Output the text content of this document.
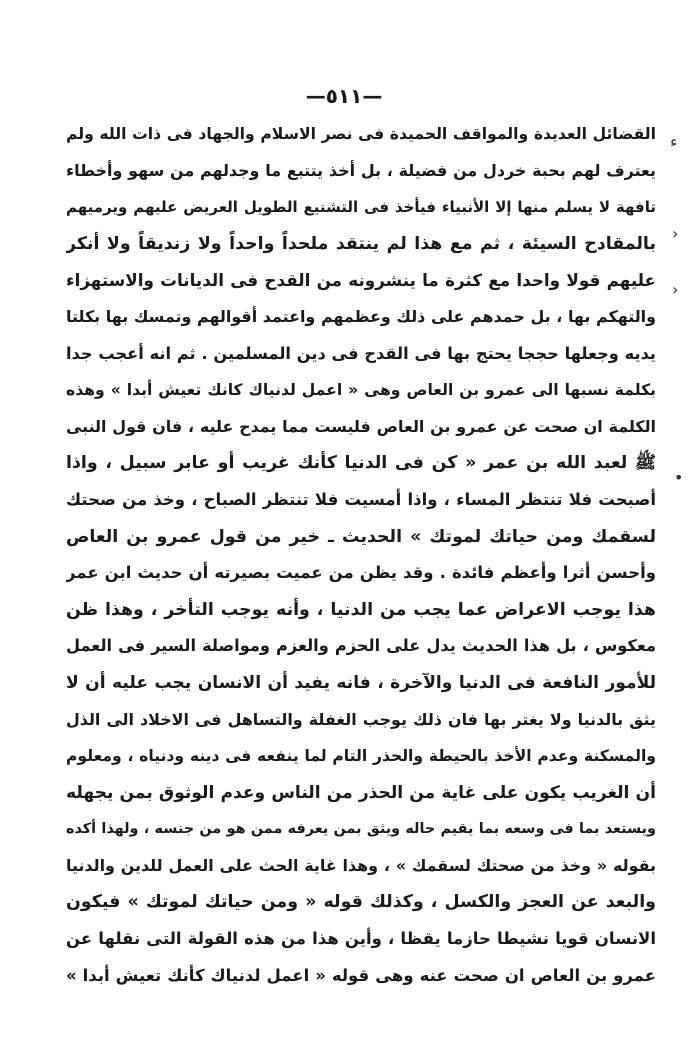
—٥١١—
ء
›
›
•
القضائل العديدة والمواقف الحميدة فى نصر الاسلام والجهاد فى ذات الله ولم
يعترف لهم بحبة خردل من فضيلة ، بل أخذ يتتبع ما وجدلهم من سهو وأخطاء
تافهة لا يسلم منها إلا الأنبياء فيأخذ فى التشنيع الطويل العريض عليهم ويرميهم
بالمقادح السيئة ، ثم مع هذا لم ينتقد ملحداً واحداً ولا زنديقاً ولا أنكر
عليهم قولا واحدا مع كثرة ما ينشرونه من القدح فى الديانات والاستهزاء
والتهكم بها ، بل حمدهم على ذلك وعظمهم واعتمد أقوالهم وتمسك بها بكلتا
يديه وجعلها حججا يحتج بها فى القدح فى دين المسلمين . ثم انه أعجب جدا
بكلمة نسبها الى عمرو بن العاص وهى « اعمل لدنياك كانك تعيش أبدا » وهذه
الكلمة ان صحت عن عمرو بن العاص فليست مما يمدح عليه ، فان قول النبى
ﷺ لعبد الله بن عمر « كن فى الدنيا كأنك غريب أو عابر سبيل ، واذا
أصبحت فلا تنتظر المساء ، واذا أمسيت فلا تنتظر الصباح ، وخذ من صحتك
لسقمك ومن حياتك لموتك » الحديث ـ خير من قول عمرو بن العاص
وأحسن أثرا وأعظم فائدة . وقد يظن من عميت بصيرته أن حديث ابن عمر
هذا يوجب الاعراض عما يجب من الدنيا ، وأنه يوجب التأخر ، وهذا ظن
معكوس ، بل هذا الحديث يدل على الحزم والعزم ومواصلة السير فى العمل
للأمور النافعة فى الدنيا والآخرة ، فانه يفيد أن الانسان يجب عليه أن لا
يثق بالدنيا ولا يغتر بها فان ذلك يوجب الغفلة والتساهل فى الاخلاد الى الذل
والمسكنة وعدم الأخذ بالحيطة والحذر التام لما ينفعه فى دينه ودنياه ، ومعلوم
أن الغريب يكون على غاية من الحذر من الناس وعدم الوثوق بمن يجهله
ويستعد بما فى وسعه بما يقيم حاله ويثق بمن يعرفه ممن هو من جنسه ، ولهذا أكده
بقوله « وخذ من صحتك لسقمك » ، وهذا غاية الحث على العمل للدين والدنيا
والبعد عن العجز والكسل ، وكذلك قوله « ومن حياتك لموتك » فيكون
الانسان قويا نشيطا حازما يقظا ، وأين هذا من هذه القولة التى نقلها عن
عمرو بن العاص ان صحت عنه وهى قوله « اعمل لدنياك كأنك تعيش أبدا »
